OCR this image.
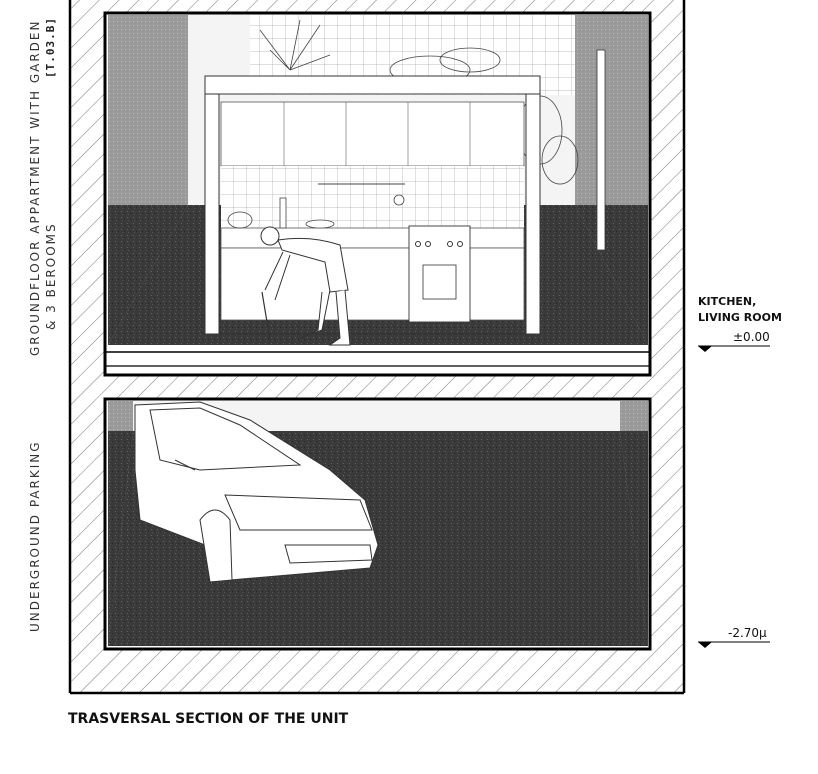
GROUNDFLOOR APPARTMENT WITH GARDEN & 3 BEROOMS
[T.03.B]
UNDERGROUND PARKING
KITCHEN,
LIVING ROOM
±0.00
-2.70μ
TRASVERSAL SECTION OF THE UNIT
